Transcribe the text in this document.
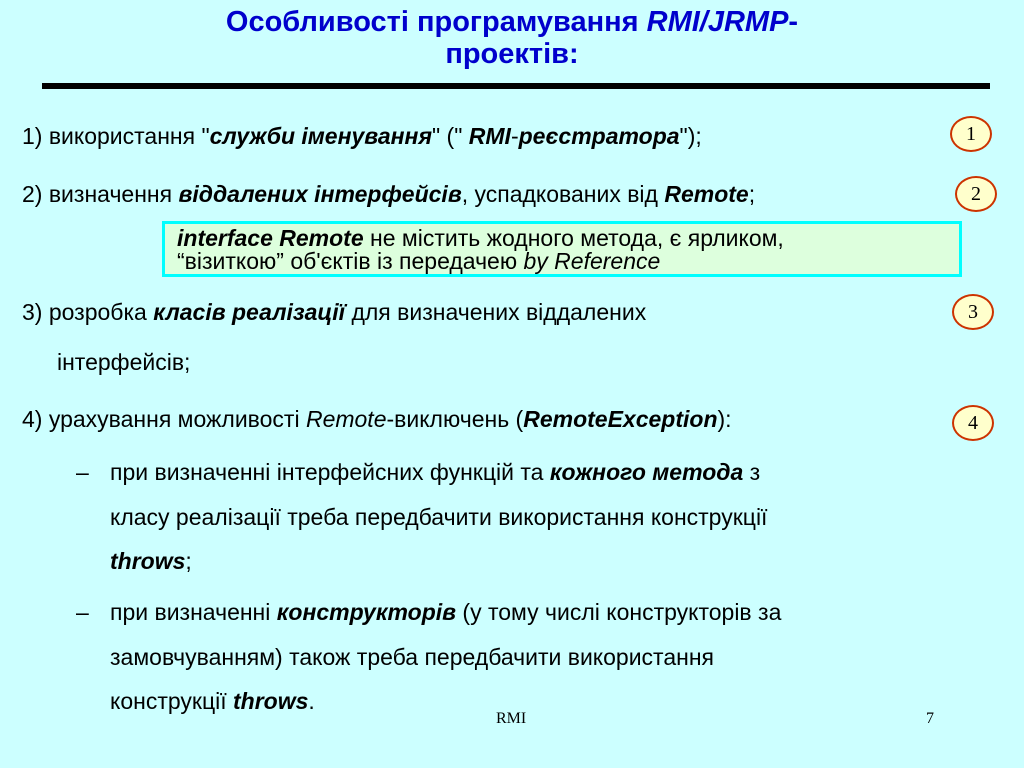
Особливості програмування RMI/JRMP-
проектів:
1) використання "служби іменування" (" RMI-реєстратора");	1
2) визначення віддалених інтерфейсів, успадкованих від Remote;	2
interface Remote не містить жодного метода, є ярликом,
“візиткою” об'єктів із передачею by Reference
3) розробка класів реалізації для визначених віддалених
інтерфейсів;
3
4) урахування можливості Remote-виключень (RemoteException):	4
– при визначенні інтерфейсних функцій та кожного метода з
класу реалізації треба передбачити використання конструкції
throws;
– при визначенні конструкторів (у тому числі конструкторів за
замовчуванням) також треба передбачити використання
конструкції throws.
RMI	7
